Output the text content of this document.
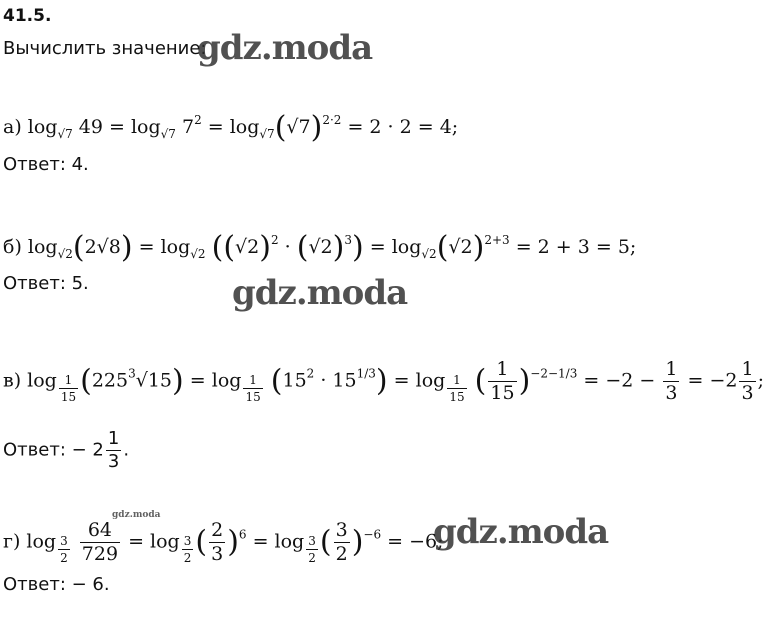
41.5.
Вычислить значение:
gdz.moda
а) $\log_{√7} 49 = \log_{√7} 7^2 = \log_{√7}(√7)^{2\cdot 2} = 2 \cdot 2 = 4$;
Ответ: 4.
б) $\log_{√2}(2√8) = \log_{√2} ((√2)^2 \cdot (√2)^3) = \log_{√2}(√2)^{2+3} = 2 + 3 = 5$;
Ответ: 5.	gdz.moda
в) log $_{\frac{1}{15}}$ $(225^3√15) = \log _{\frac{1}{15}}$ $(15^2 \cdot 15^{1/3}) = \log _{\frac{1}{15}}$ ( $\frac{1}{15} )^{-2-1/3} = -2 - \frac{1}{3} = -2 \frac{1}{3}$ ;
Ответ: − $2 \frac{1}{3}$ .
gdz.moda
г) log $_{\frac{3}{2}}$
$\frac{64}{729} = \log _{\frac{3}{2}}$ ( $\frac{2}{3} )^6 = \log _{\frac{3}{2}}$ ( $\frac{3}{2} )^{-6} = -6$;
gdz.moda
Ответ: − 6.
